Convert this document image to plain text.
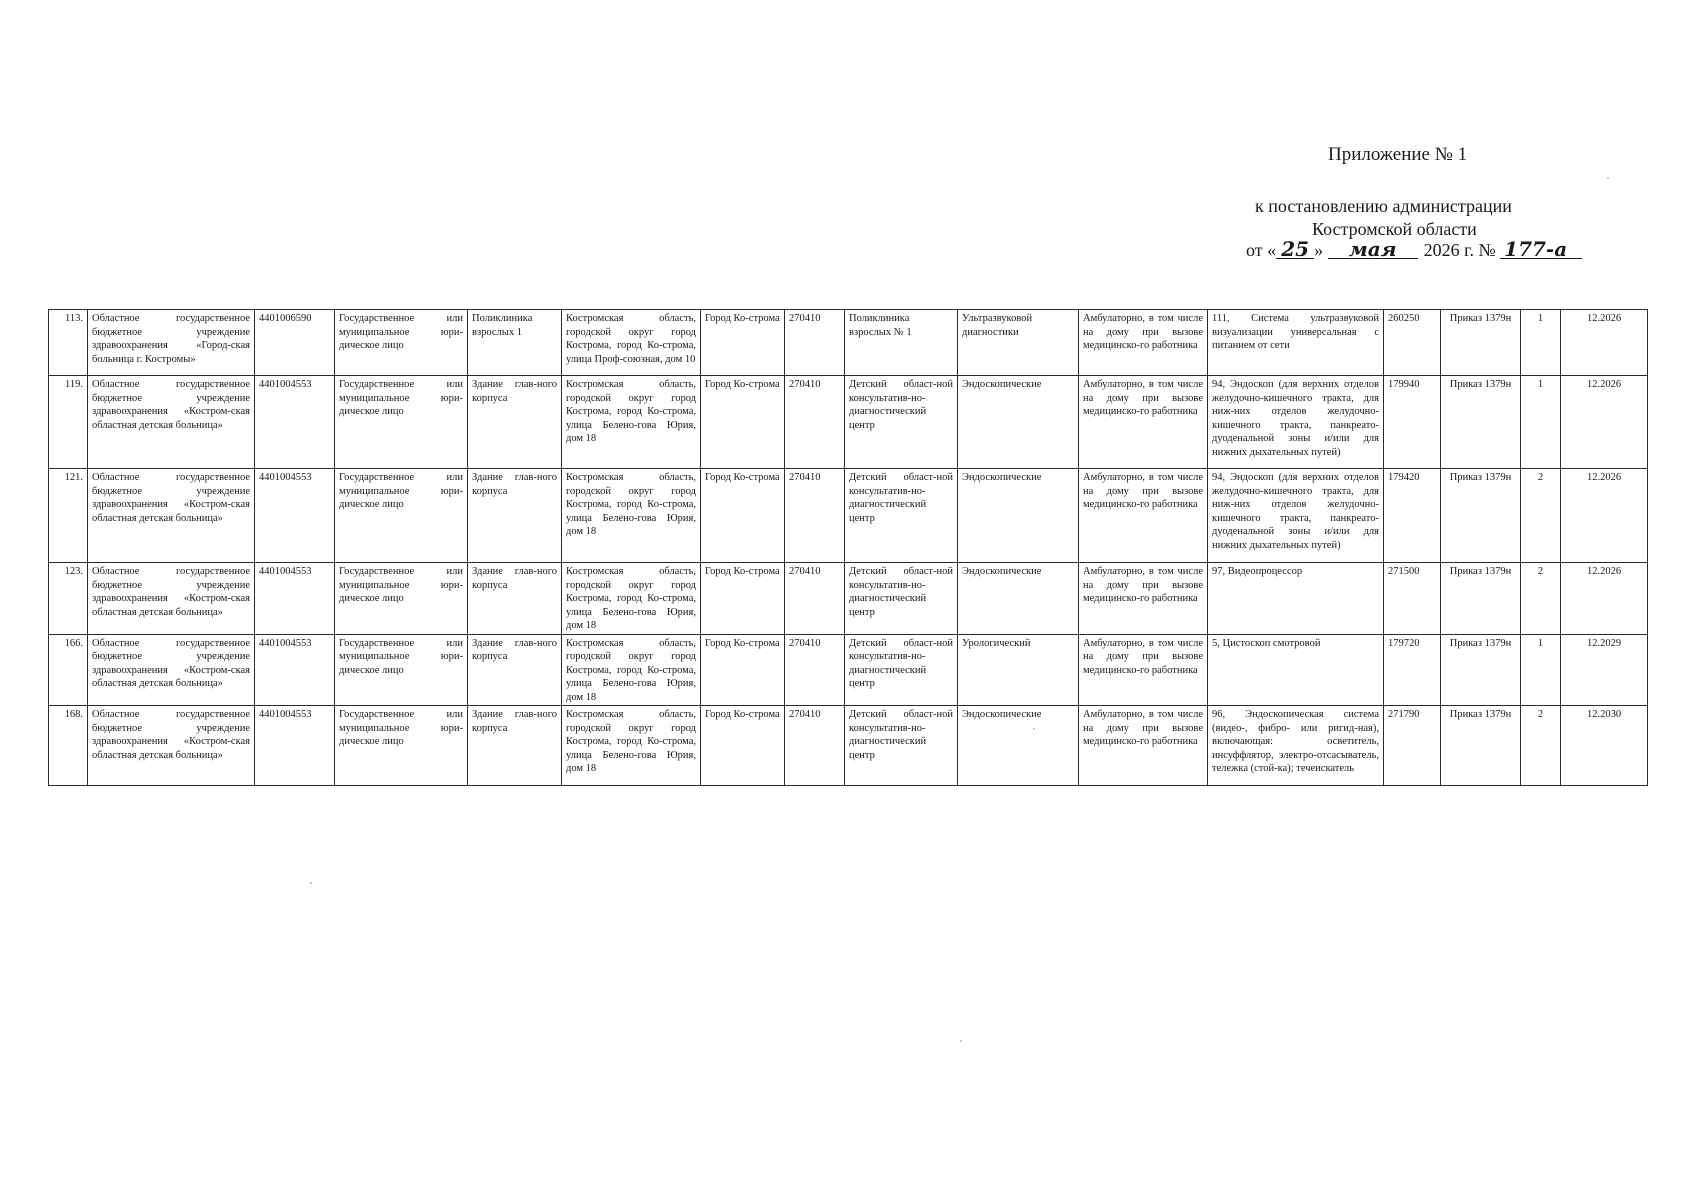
Приложение № 1
к постановлению администрации
Костромской области
от « 25 » мая 2026 г. № 177-а
113.	Областное государственное бюджетное учреждение здравоохранения «Город-ская больница г. Костромы»	4401006590	Государственное или муниципальное юри-дическое лицо	Поликлиника взрослых 1	Костромская область, городской округ город Кострома, город Ко-строма, улица Проф-союзная, дом 10	Город Ко-строма	270410	Поликлиника взрослых № 1	Ультразвуковой диагностики	Амбулаторно, в том числе на дому при вызове медицинско-го работника	111, Система ультразвуковой визуализации универсальная с питанием от сети	260250	Приказ 1379н	1	12.2026
119.	Областное государственное бюджетное учреждение здравоохранения «Костром-ская областная детская больница»	4401004553	Государственное или муниципальное юри-дическое лицо	Здание глав-ного корпуса	Костромская область, городской округ город Кострома, город Ко-строма, улица Белено-гова Юрия, дом 18	Город Ко-строма	270410	Детский област-ной консультатив-но-диагностический центр	Эндоскопические	Амбулаторно, в том числе на дому при вызове медицинско-го работника	94, Эндоскоп (для верхних отделов желудочно-кишечного тракта, для ниж-них отделов желудочно-кишечного тракта, панкреато-дуоденальной зоны и/или для нижних дыхательных путей)	179940	Приказ 1379н	1	12.2026
121.	Областное государственное бюджетное учреждение здравоохранения «Костром-ская областная детская больница»	4401004553	Государственное или муниципальное юри-дическое лицо	Здание глав-ного корпуса	Костромская область, городской округ город Кострома, город Ко-строма, улица Белено-гова Юрия, дом 18	Город Ко-строма	270410	Детский област-ной консультатив-но-диагностический центр	Эндоскопические	Амбулаторно, в том числе на дому при вызове медицинско-го работника	94, Эндоскоп (для верхних отделов желудочно-кишечного тракта, для ниж-них отделов желудочно-кишечного тракта, панкреато-дуоденальной зоны и/или для нижних дыхательных путей)	179420	Приказ 1379н	2	12.2026
123.	Областное государственное бюджетное учреждение здравоохранения «Костром-ская областная детская больница»	4401004553	Государственное или муниципальное юри-дическое лицо	Здание глав-ного корпуса	Костромская область, городской округ город Кострома, город Ко-строма, улица Белено-гова Юрия, дом 18	Город Ко-строма	270410	Детский област-ной консультатив-но-диагностический центр	Эндоскопические	Амбулаторно, в том числе на дому при вызове медицинско-го работника	97, Видеопроцессор	271500	Приказ 1379н	2	12.2026
166.	Областное государственное бюджетное учреждение здравоохранения «Костром-ская областная детская больница»	4401004553	Государственное или муниципальное юри-дическое лицо	Здание глав-ного корпуса	Костромская область, городской округ город Кострома, город Ко-строма, улица Белено-гова Юрия, дом 18	Город Ко-строма	270410	Детский област-ной консультатив-но-диагностический центр	Урологический	Амбулаторно, в том числе на дому при вызове медицинско-го работника	5, Цистоскоп смотровой	179720	Приказ 1379н	1	12.2029
168.	Областное государственное бюджетное учреждение здравоохранения «Костром-ская областная детская больница»	4401004553	Государственное или муниципальное юри-дическое лицо	Здание глав-ного корпуса	Костромская область, городской округ город Кострома, город Ко-строма, улица Белено-гова Юрия, дом 18	Город Ко-строма	270410	Детский област-ной консультатив-но-диагностический центр	Эндоскопические	Амбулаторно, в том числе на дому при вызове медицинско-го работника	96, Эндоскопическая система (видео-, фибро- или ригид-ная), включающая: осветитель, инсуффлятор, электро-отсасыватель, тележка (стой-ка); течеискатель	271790	Приказ 1379н	2	12.2030
